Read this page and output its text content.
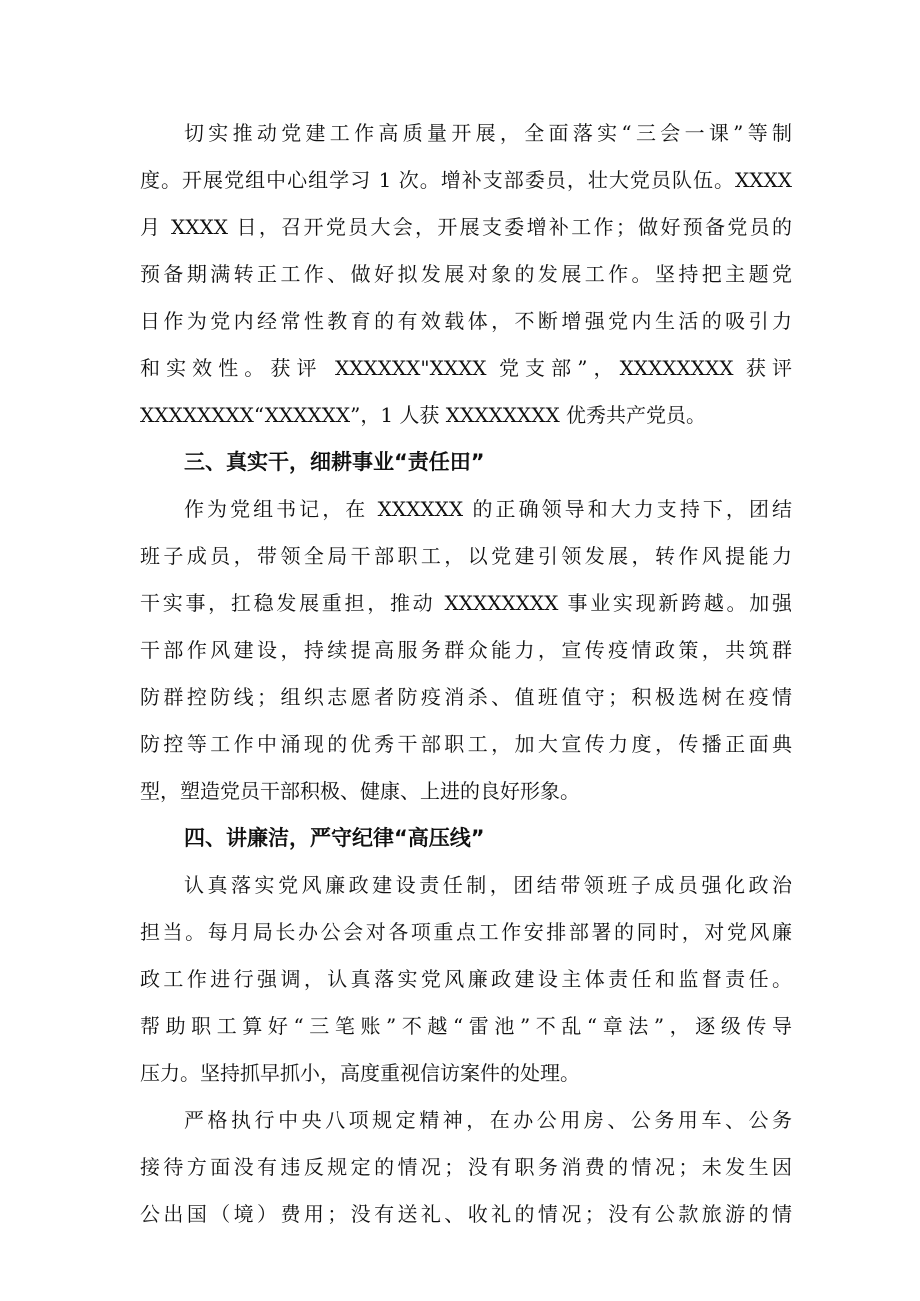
切实推动党建工作高质量开展，全面落实“三会一课”等制
度。开展党组中心组学习 1 次。增补支部委员，壮大党员队伍。XXXX
月 XXXX 日，召开党员大会，开展支委增补工作；做好预备党员的
预备期满转正工作、做好拟发展对象的发展工作。坚持把主题党
日作为党内经常性教育的有效载体，不断增强党内生活的吸引力
和实效性。获评 XXXXXX"XXXX 党支部”，XXXXXXXX 获评
XXXXXXXX“XXXXXX”，1 人获 XXXXXXXX 优秀共产党员。
三、真实干，细耕事业“责任田”
作为党组书记，在 XXXXXX 的正确领导和大力支持下，团结
班子成员，带领全局干部职工，以党建引领发展，转作风提能力
干实事，扛稳发展重担，推动 XXXXXXXX 事业实现新跨越。加强
干部作风建设，持续提高服务群众能力，宣传疫情政策，共筑群
防群控防线；组织志愿者防疫消杀、值班值守；积极选树在疫情
防控等工作中涌现的优秀干部职工，加大宣传力度，传播正面典
型，塑造党员干部积极、健康、上进的良好形象。
四、讲廉洁，严守纪律“高压线”
认真落实党风廉政建设责任制，团结带领班子成员强化政治
担当。每月局长办公会对各项重点工作安排部署的同时，对党风廉
政工作进行强调，认真落实党风廉政建设主体责任和监督责任。
帮助职工算好“三笔账”不越“雷池”不乱“章法”，逐级传导
压力。坚持抓早抓小，高度重视信访案件的处理。
严格执行中央八项规定精神，在办公用房、公务用车、公务
接待方面没有违反规定的情况；没有职务消费的情况；未发生因
公出国（境）费用；没有送礼、收礼的情况；没有公款旅游的情
